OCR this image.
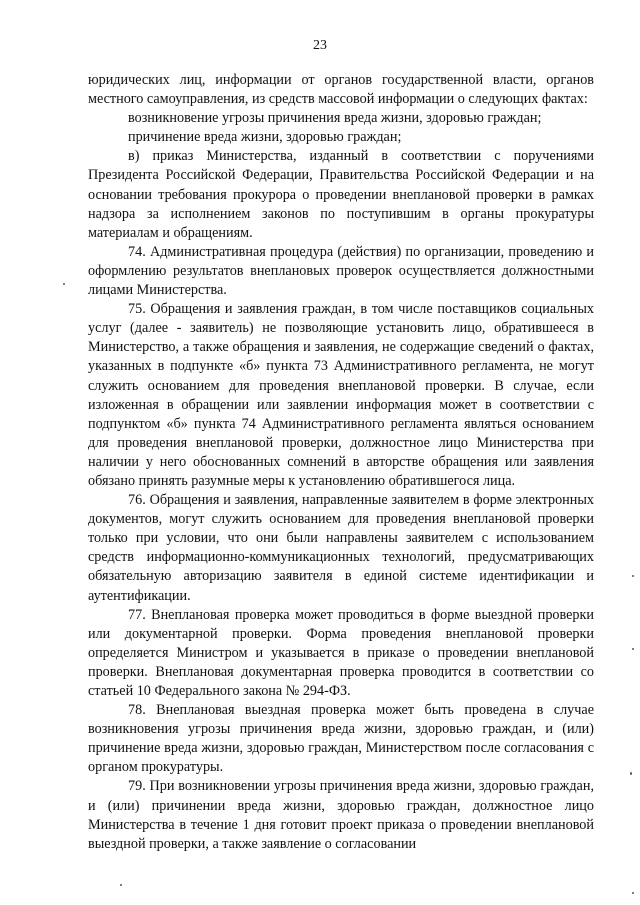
23

юридических лиц, информации от органов государственной власти, органов местного самоуправления, из средств массовой информации о следующих фактах:

возникновение угрозы причинения вреда жизни, здоровью граждан;

причинение вреда жизни, здоровью граждан;

в) приказ Министерства, изданный в соответствии с поручениями Президента Российской Федерации, Правительства Российской Федерации и на основании требования прокурора о проведении внеплановой проверки в рамках надзора за исполнением законов по поступившим в органы прокуратуры материалам и обращениям.

74. Административная процедура (действия) по организации, проведению и оформлению результатов внеплановых проверок осуществляется должностными лицами Министерства.

75. Обращения и заявления граждан, в том числе поставщиков социальных услуг (далее - заявитель) не позволяющие установить лицо, обратившееся в Министерство, а также обращения и заявления, не содержащие сведений о фактах, указанных в подпункте «б» пункта 73 Административного регламента, не могут служить основанием для проведения внеплановой проверки. В случае, если изложенная в обращении или заявлении информация может в соответствии с подпунктом «б» пункта 74 Административного регламента являться основанием для проведения внеплановой проверки, должностное лицо Министерства при наличии у него обоснованных сомнений в авторстве обращения или заявления обязано принять разумные меры к установлению обратившегося лица.

76. Обращения и заявления, направленные заявителем в форме электронных документов, могут служить основанием для проведения внеплановой проверки только при условии, что они были направлены заявителем с использованием средств информационно-коммуникационных технологий, предусматривающих обязательную авторизацию заявителя в единой системе идентификации и аутентификации.

77. Внеплановая проверка может проводиться в форме выездной проверки или документарной проверки. Форма проведения внеплановой проверки определяется Министром и указывается в приказе о проведении внеплановой проверки. Внеплановая документарная проверка проводится в соответствии со статьей 10 Федерального закона № 294-ФЗ.

78. Внеплановая выездная проверка может быть проведена в случае возникновения угрозы причинения вреда жизни, здоровью граждан, и (или) причинение вреда жизни, здоровью граждан, Министерством после согласования с органом прокуратуры.

79. При возникновении угрозы причинения вреда жизни, здоровью граждан, и (или) причинении вреда жизни, здоровью граждан, должностное лицо Министерства в течение 1 дня готовит проект приказа о проведении внеплановой выездной проверки, а также заявление о согласовании
